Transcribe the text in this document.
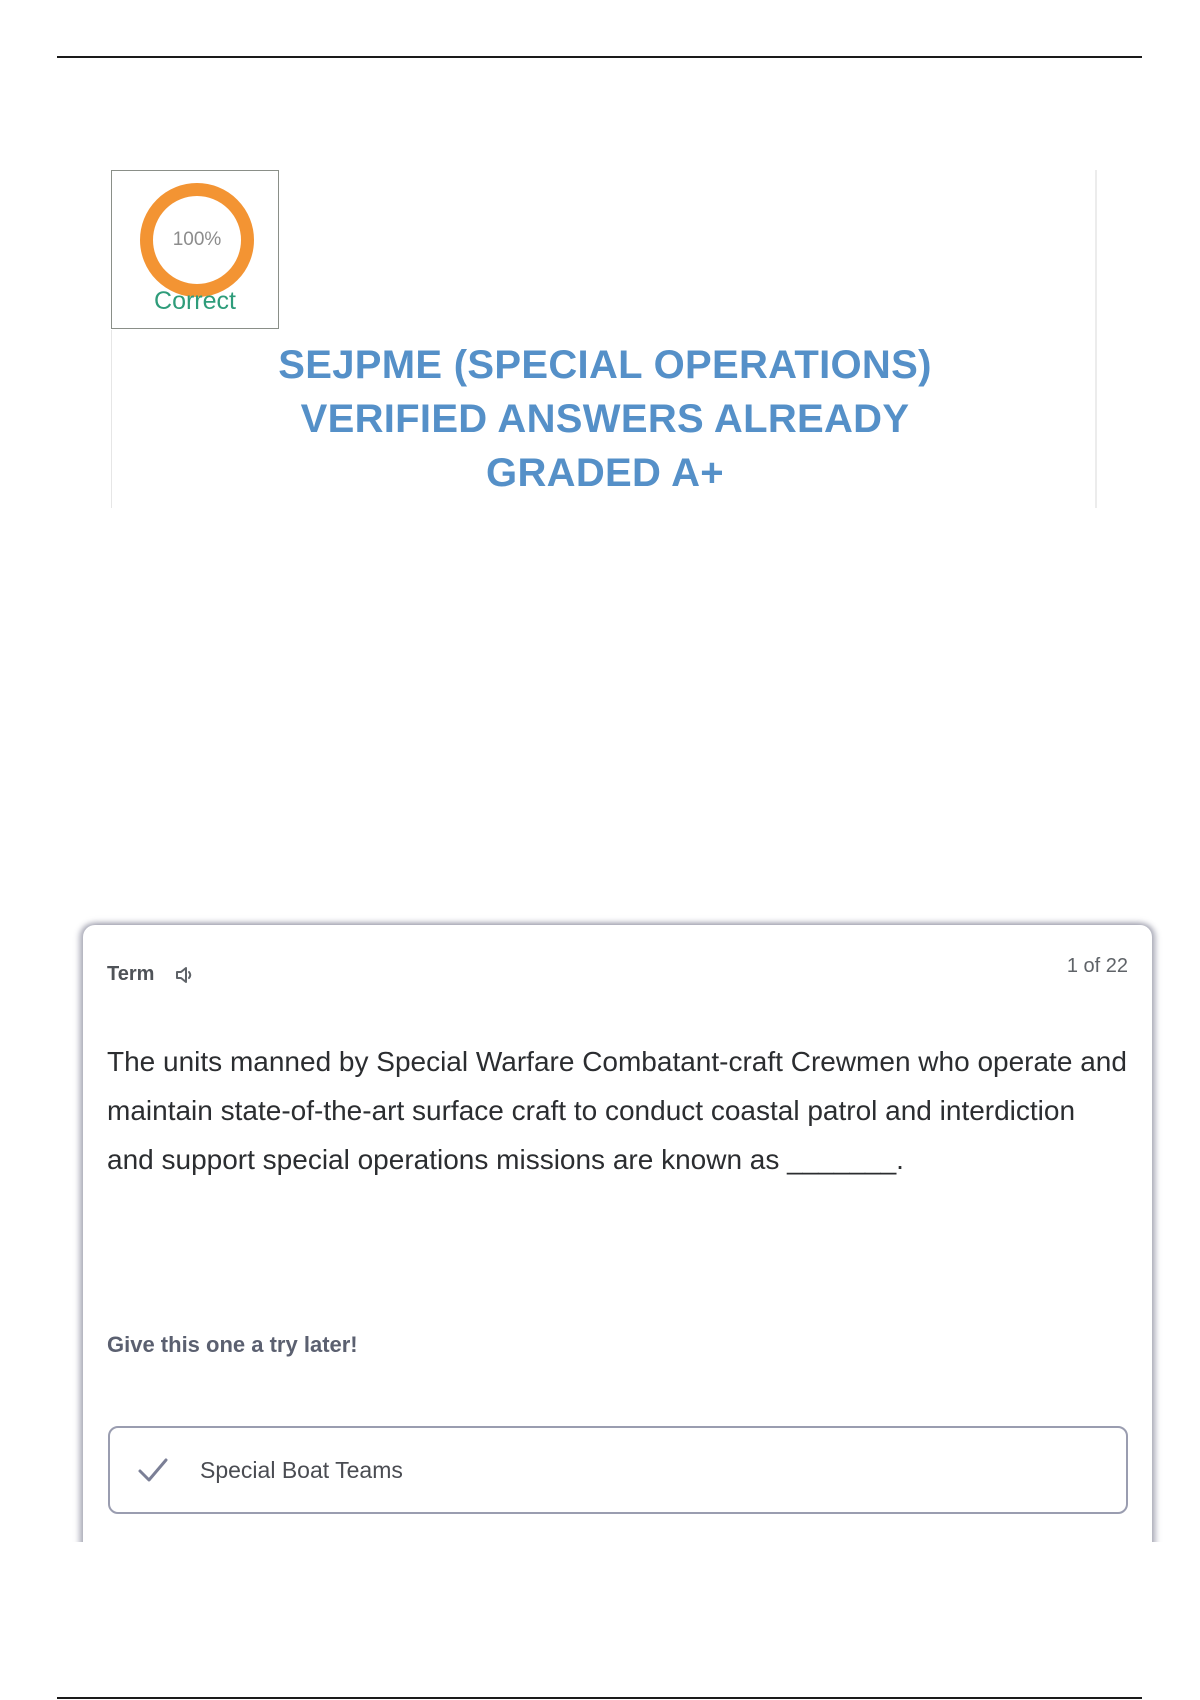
100%
Correct
SEJPME (SPECIAL OPERATIONS)
VERIFIED ANSWERS ALREADY
GRADED A+
Term	1 of 22
The units manned by Special Warfare Combatant-craft Crewmen who operate and maintain state-of-the-art surface craft to conduct coastal patrol and interdiction and support special operations missions are known as _______.
Give this one a try later!
Special Boat Teams
